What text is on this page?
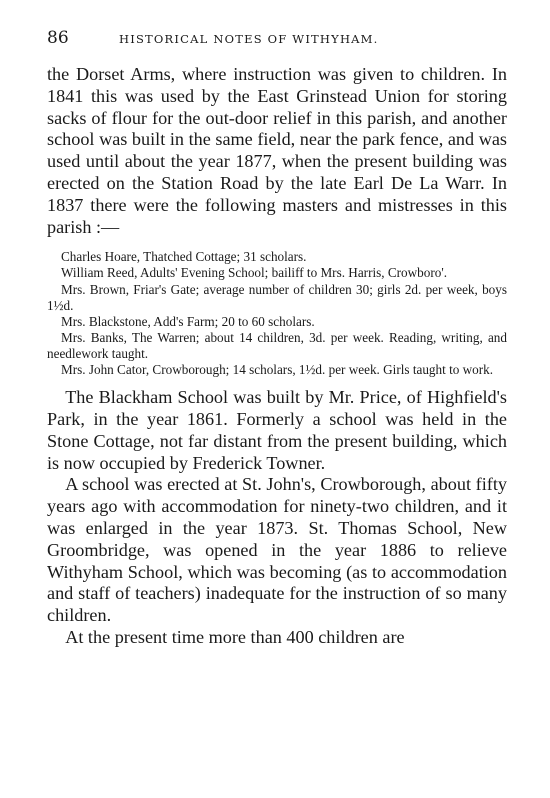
86	HISTORICAL NOTES OF WITHYHAM.

the Dorset Arms, where instruction was given to children. In 1841 this was used by the East Grinstead Union for storing sacks of flour for the out-door relief in this parish, and another school was built in the same field, near the park fence, and was used until about the year 1877, when the present building was erected on the Station Road by the late Earl De La Warr. In 1837 there were the following masters and mistresses in this parish :—

Charles Hoare, Thatched Cottage; 31 scholars.

William Reed, Adults' Evening School; bailiff to Mrs. Harris, Crowboro'.

Mrs. Brown, Friar's Gate; average number of children 30; girls 2d. per week, boys 1½d.

Mrs. Blackstone, Add's Farm; 20 to 60 scholars.

Mrs. Banks, The Warren; about 14 children, 3d. per week. Reading, writing, and needlework taught.

Mrs. John Cator, Crowborough; 14 scholars, 1½d. per week. Girls taught to work.

The Blackham School was built by Mr. Price, of Highfield's Park, in the year 1861. Formerly a school was held in the Stone Cottage, not far distant from the present building, which is now occupied by Frederick Towner.

A school was erected at St. John's, Crowborough, about fifty years ago with accommodation for ninety-two children, and it was enlarged in the year 1873. St. Thomas School, New Groombridge, was opened in the year 1886 to relieve Withyham School, which was becoming (as to accommodation and staff of teachers) inadequate for the instruction of so many children.

At the present time more than 400 children are
